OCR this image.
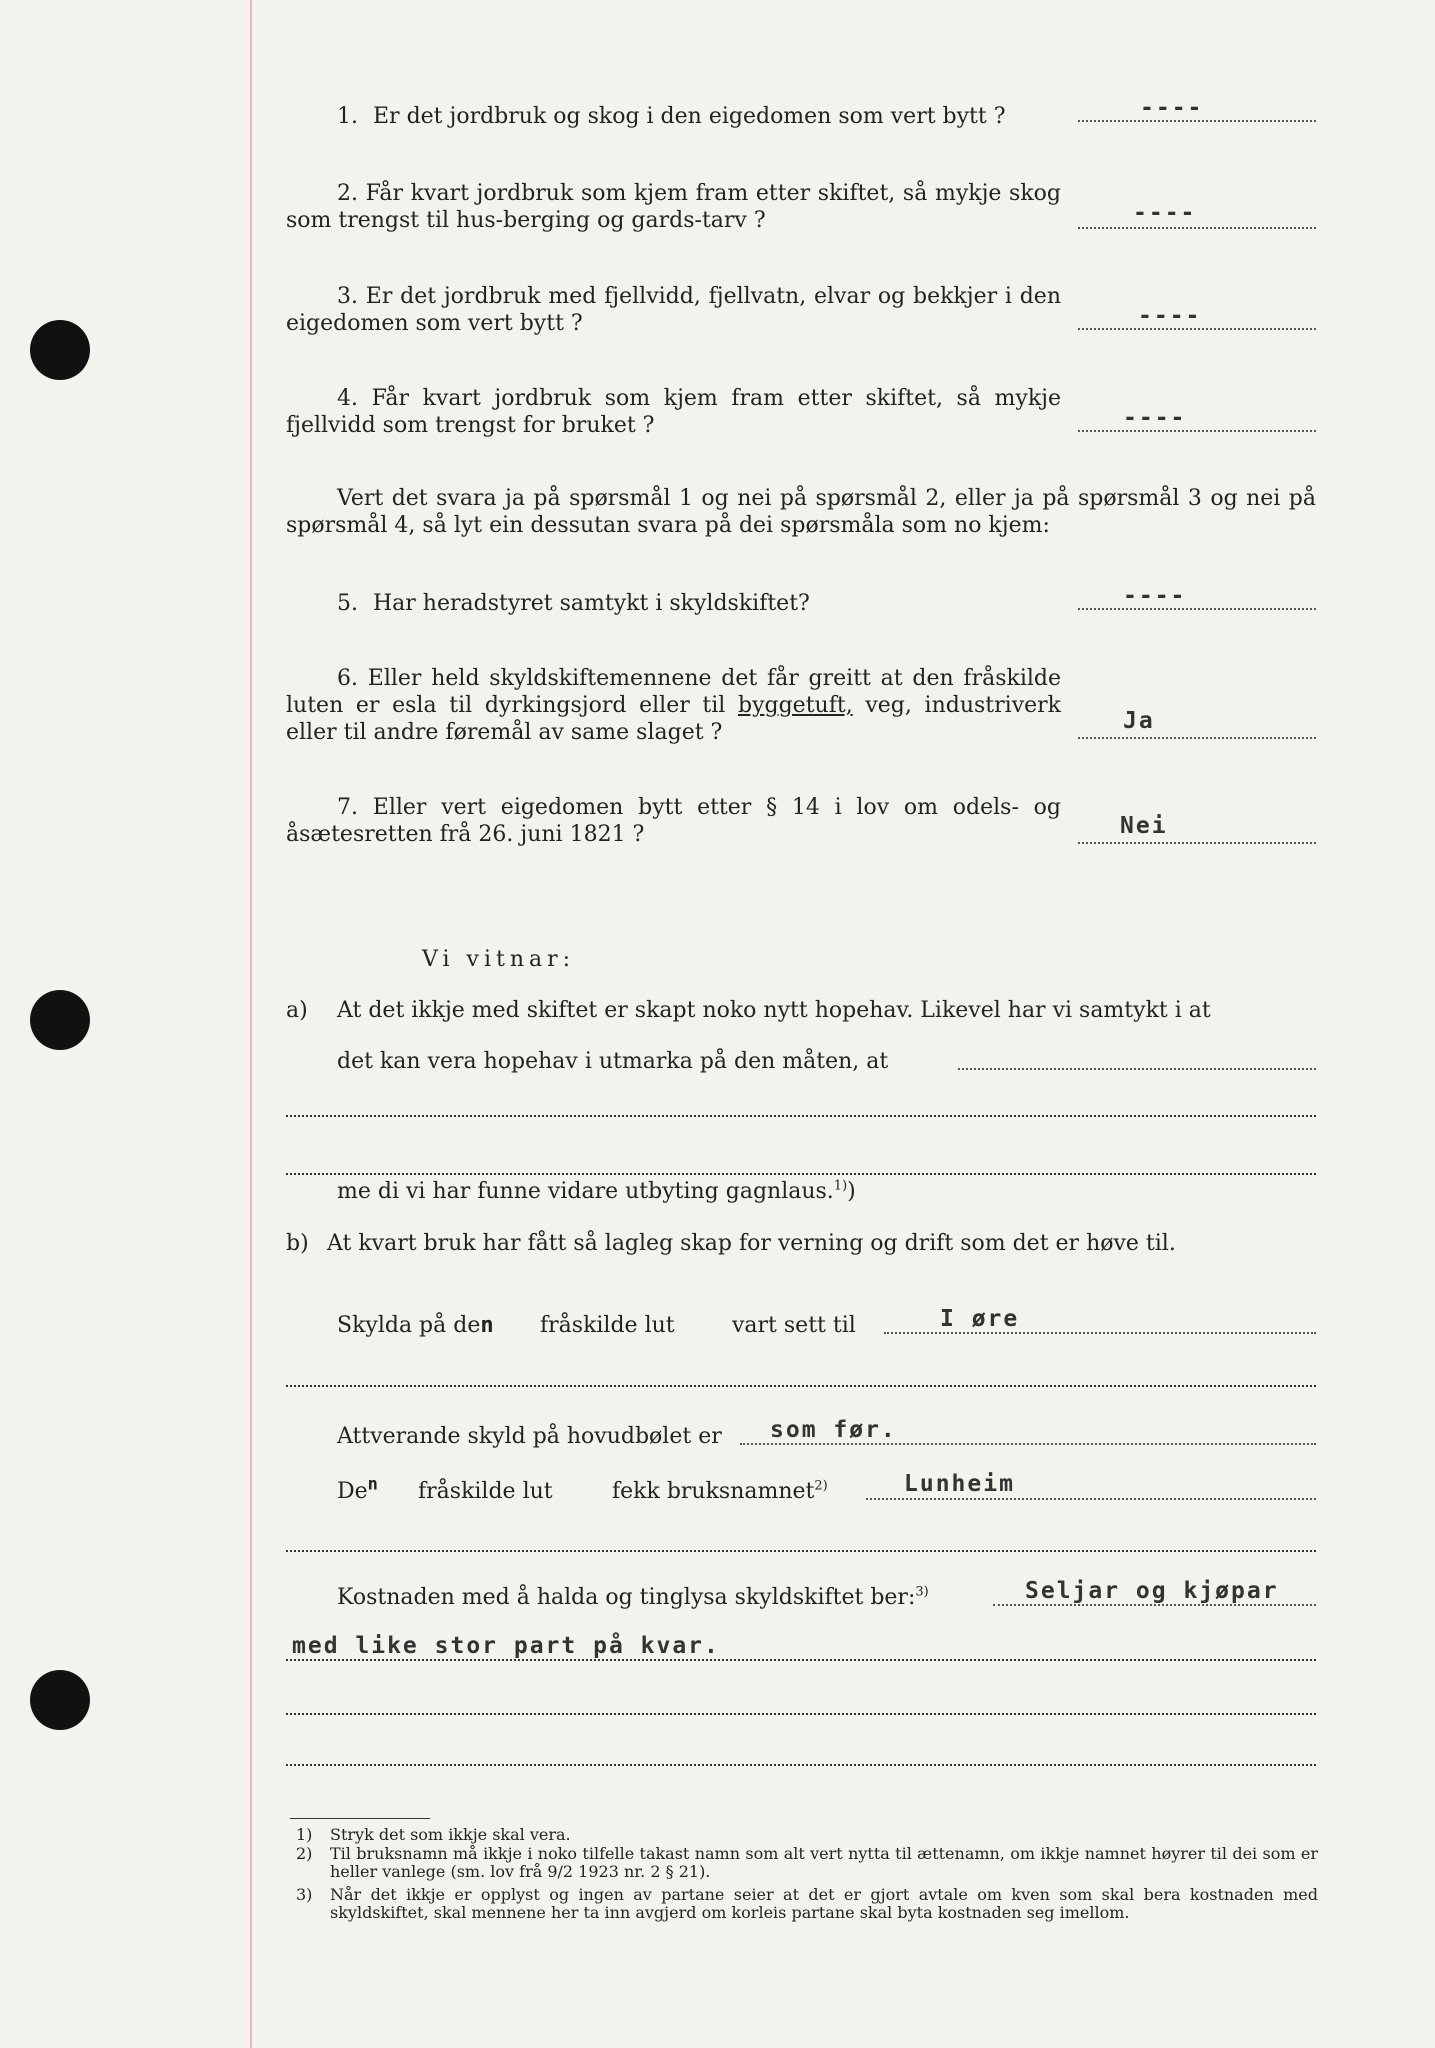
1. Er det jordbruk og skog i den eigedomen som vert bytt ?	----
2. Får kvart jordbruk som kjem fram etter skiftet, så mykje skog som trengst til hus-berging og gards-tarv ?	----
3. Er det jordbruk med fjellvidd, fjellvatn, elvar og bekkjer i den eigedomen som vert bytt ?	----
4. Får kvart jordbruk som kjem fram etter skiftet, så mykje fjellvidd som trengst for bruket ?	----
Vert det svara ja på spørsmål 1 og nei på spørsmål 2, eller ja på spørsmål 3 og nei på spørsmål 4, så lyt ein dessutan svara på dei spørsmåla som no kjem:
5. Har heradstyret samtykt i skyldskiftet?	----
6. Eller held skyldskiftemennene det får greitt at den fråskilde luten er esla til dyrkingsjord eller til byggetuft, veg, industriverk eller til andre føremål av same slaget ?	Ja
7. Eller vert eigedomen bytt etter § 14 i lov om odels- og åsætesretten frå 26. juni 1821 ?	Nei
Vi vitnar:
a) At det ikkje med skiftet er skapt noko nytt hopehav. Likevel har vi samtykt i at
det kan vera hopehav i utmarka på den måten, at
me di vi har funne vidare utbyting gagnlaus.$^{1)}$)
b) At kvart bruk har fått så lagleg skap for verning og drift som det er høve til.
Skylda på den fråskilde lut	vart sett til	I øre
Attverande skyld på hovudbølet er som før.
De$^n$ fråskilde lut	fekk bruksnamnet$^{2)}$	Lunheim
Kostnaden med å halda og tinglysa skyldskiftet ber:$^{3)}$	Seljar og kjøpar
med like stor part på kvar.
1) Stryk det som ikkje skal vera.
2) Til bruksnamn må ikkje i noko tilfelle takast namn som alt vert nytta til ættenamn, om ikkje namnet høyrer til dei som er heller vanlege (sm. lov frå 9/2 1923 nr. 2 § 21).
3) Når det ikkje er opplyst og ingen av partane seier at det er gjort avtale om kven som skal bera kostnaden med skyldskiftet, skal mennene her ta inn avgjerd om korleis partane skal byta kostnaden seg imellom.
